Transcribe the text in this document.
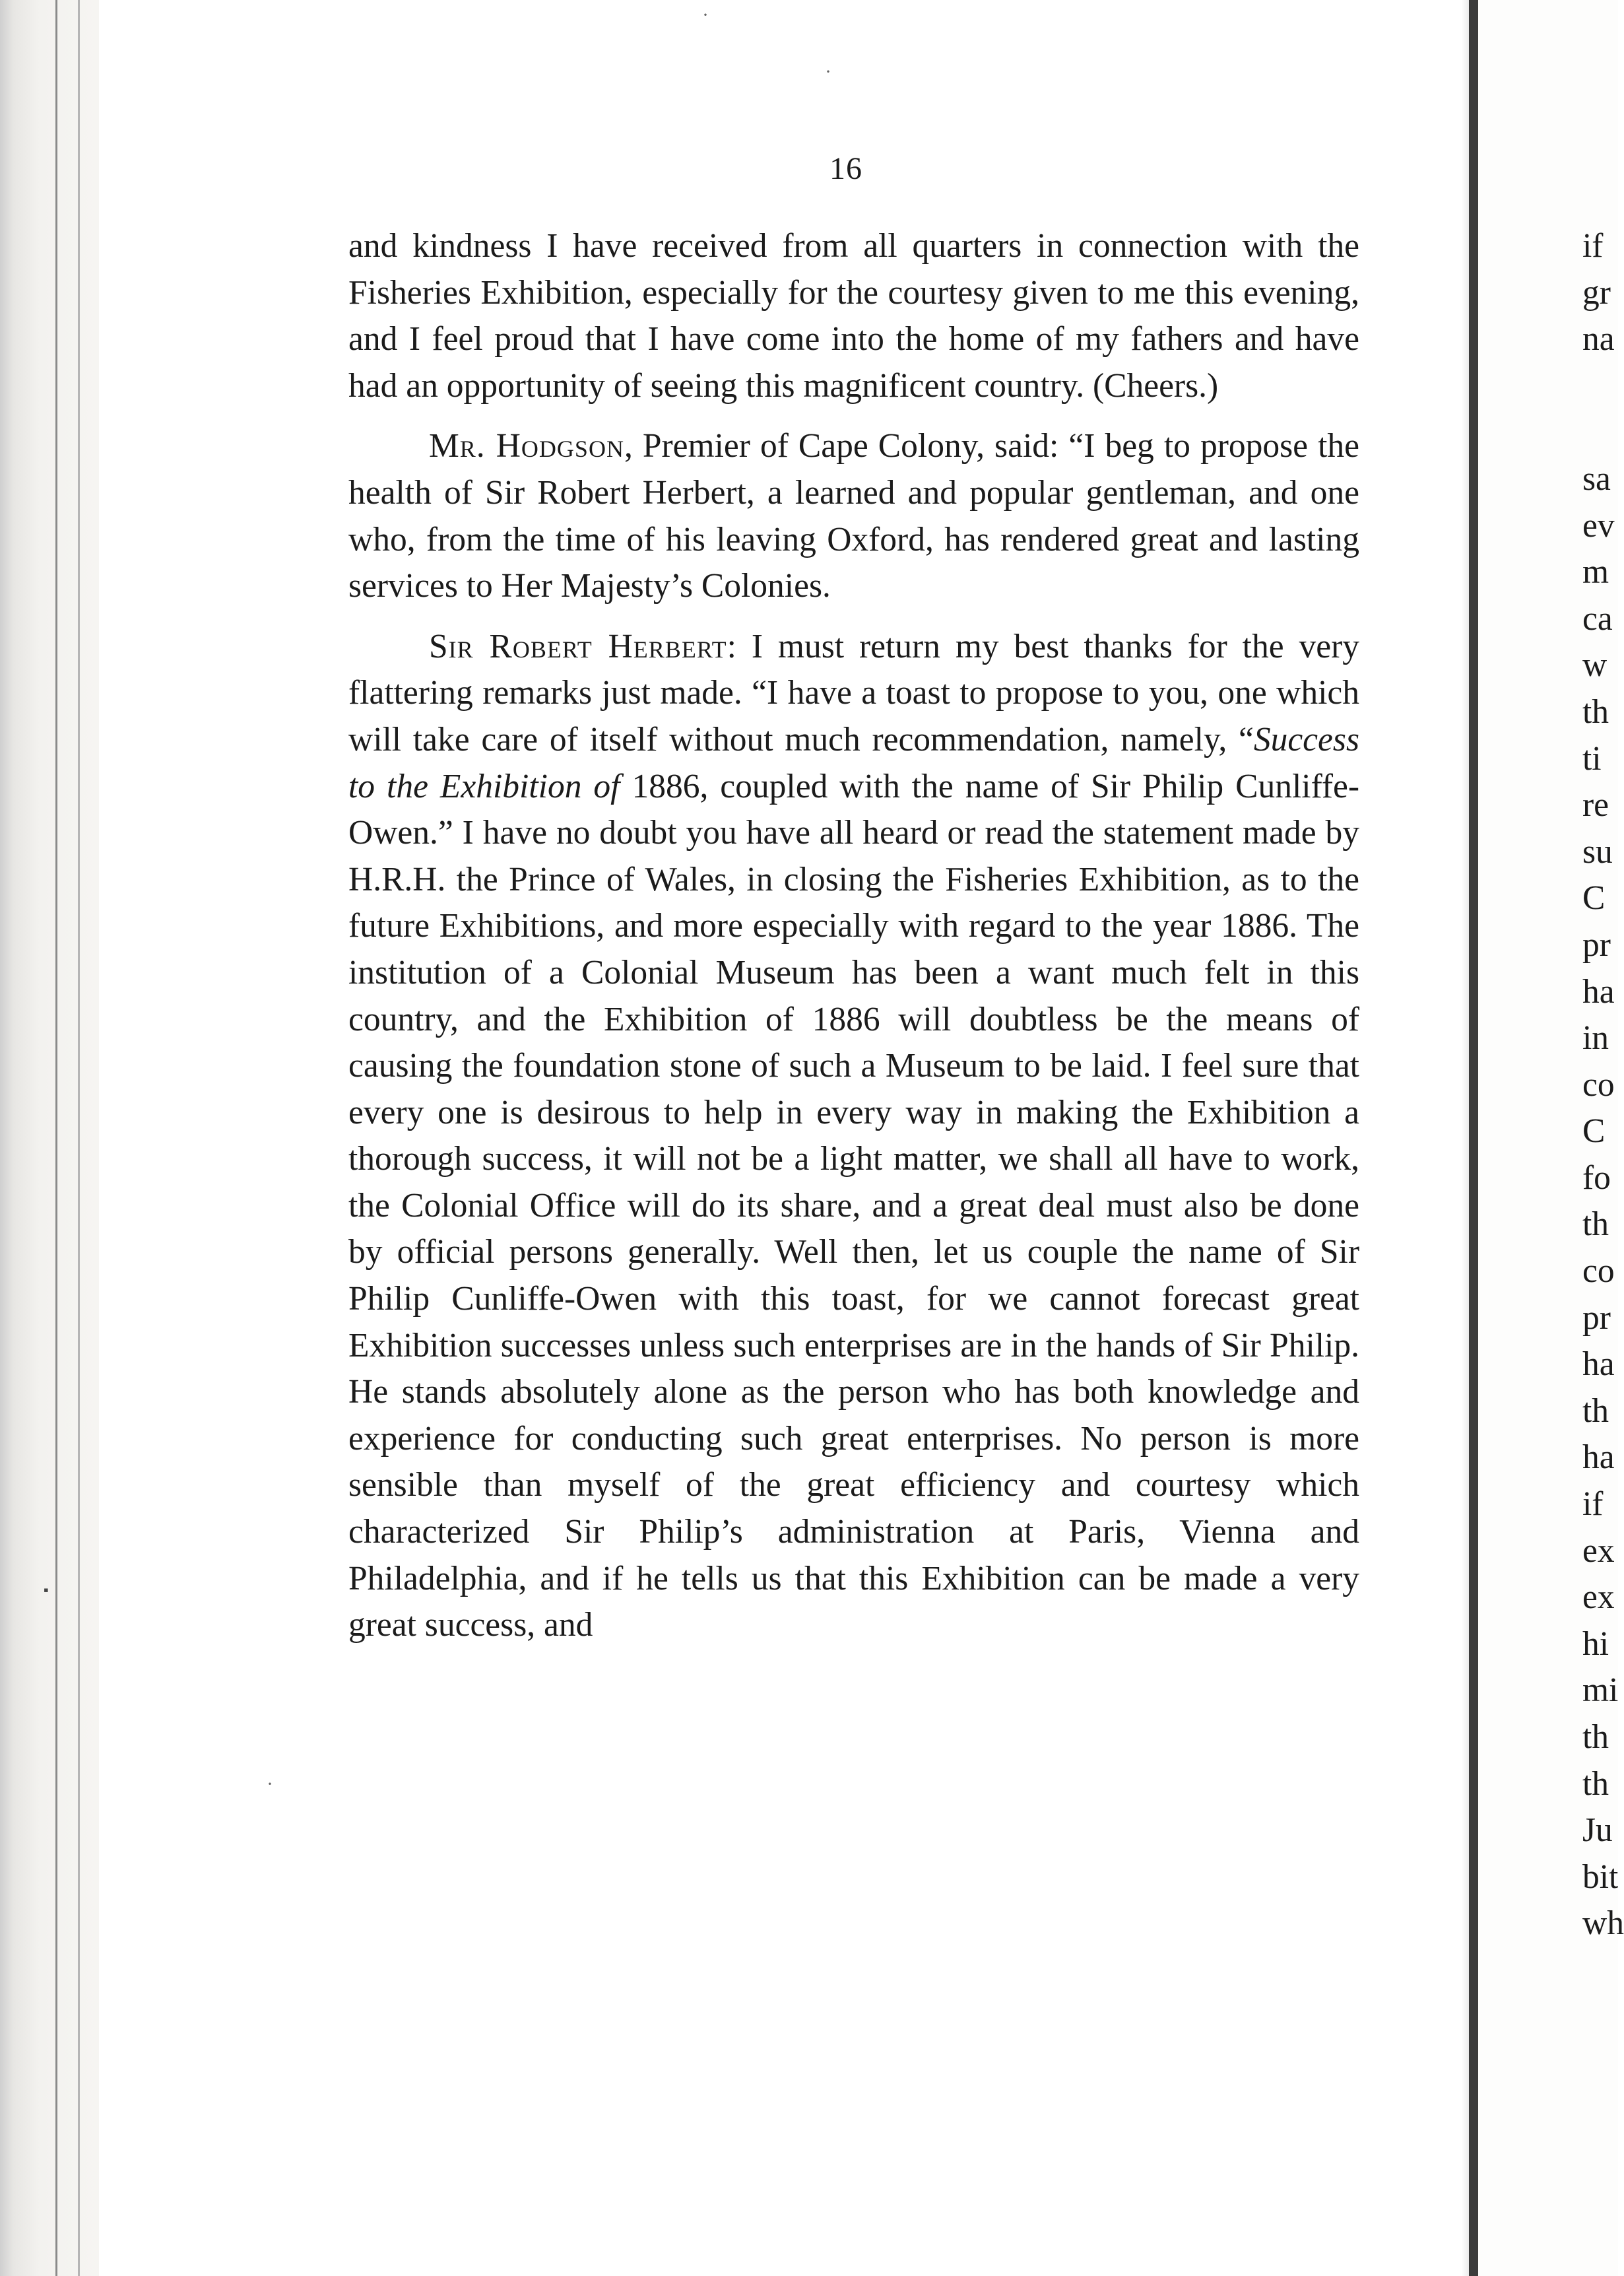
16

and kindness I have received from all quarters in connection with the Fisheries Exhibition, especially for the courtesy given to me this evening, and I feel proud that I have come into the home of my fathers and have had an opportunity of seeing this magnificent country. (Cheers.)

Mr. Hodgson, Premier of Cape Colony, said: “I beg to propose the health of Sir Robert Herbert, a learned and popular gentleman, and one who, from the time of his leaving Oxford, has rendered great and lasting services to Her Majesty’s Colonies.

Sir Robert Herbert: I must return my best thanks for the very flattering remarks just made. “I have a toast to propose to you, one which will take care of itself without much recommendation, namely, “Success to the Exhibition of 1886, coupled with the name of Sir Philip Cunliffe-Owen.” I have no doubt you have all heard or read the statement made by H.R.H. the Prince of Wales, in closing the Fisheries Exhibition, as to the future Exhibitions, and more especially with regard to the year 1886. The institution of a Colonial Museum has been a want much felt in this country, and the Exhibition of 1886 will doubtless be the means of causing the foundation stone of such a Museum to be laid. I feel sure that every one is desirous to help in every way in making the Exhibition a thorough success, it will not be a light matter, we shall all have to work, the Colonial Office will do its share, and a great deal must also be done by official persons generally. Well then, let us couple the name of Sir Philip Cunliffe-Owen with this toast, for we cannot forecast great Exhibition successes unless such enterprises are in the hands of Sir Philip. He stands absolutely alone as the person who has both knowledge and experience for conducting such great enterprises. No person is more sensible than myself of the great efficiency and courtesy which characterized Sir Philip’s administration at Paris, Vienna and Philadelphia, and if he tells us that this Exhibition can be made a very great success, and

if
gr
na
sa
ev
m
ca
w
th
ti
re
su
C
pr
ha
in
co
C
fo
th
co
pr
ha
th
ha
if
ex
ex
hi
mi
th
th
Ju
bit
wh
·
·
·
▪
